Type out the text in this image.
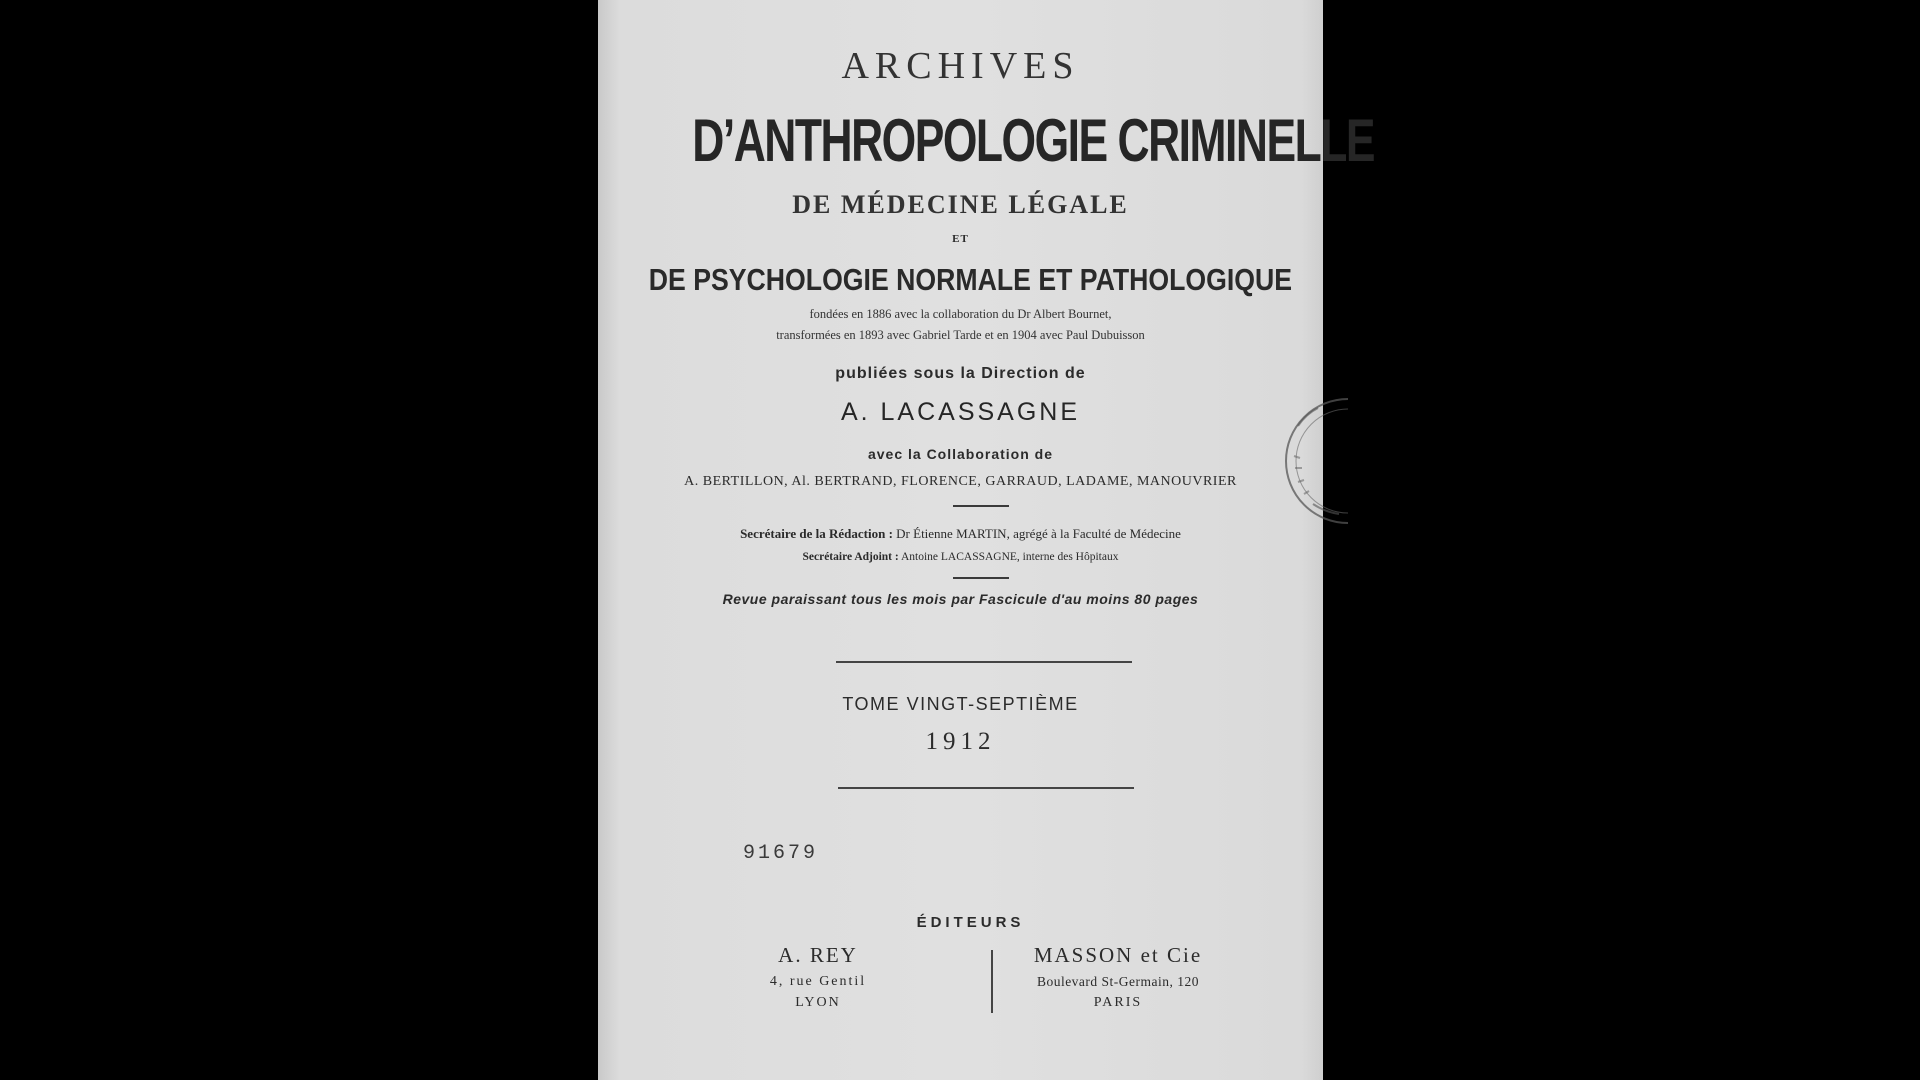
ARCHIVES
D’ANTHROPOLOGIE CRIMINELLE
DE MÉDECINE LÉGALE
ET
DE PSYCHOLOGIE NORMALE ET PATHOLOGIQUE
fondées en 1886 avec la collaboration du Dr Albert Bournet,
transformées en 1893 avec Gabriel Tarde et en 1904 avec Paul Dubuisson
publiées sous la Direction de
A. LACASSAGNE
avec la Collaboration de
A. BERTILLON, Al. BERTRAND, FLORENCE, GARRAUD, LADAME, MANOUVRIER
Secrétaire de la Rédaction : Dr Étienne MARTIN, agrégé à la Faculté de Médecine
Secrétaire Adjoint : Antoine LACASSAGNE, interne des Hôpitaux
Revue paraissant tous les mois par Fascicule d'au moins 80 pages
TOME VINGT-SEPTIÈME
1912
91679
ÉDITEURS
A. REY
4, rue Gentil
LYON
MASSON et Cie
Boulevard St-Germain, 120
PARIS
